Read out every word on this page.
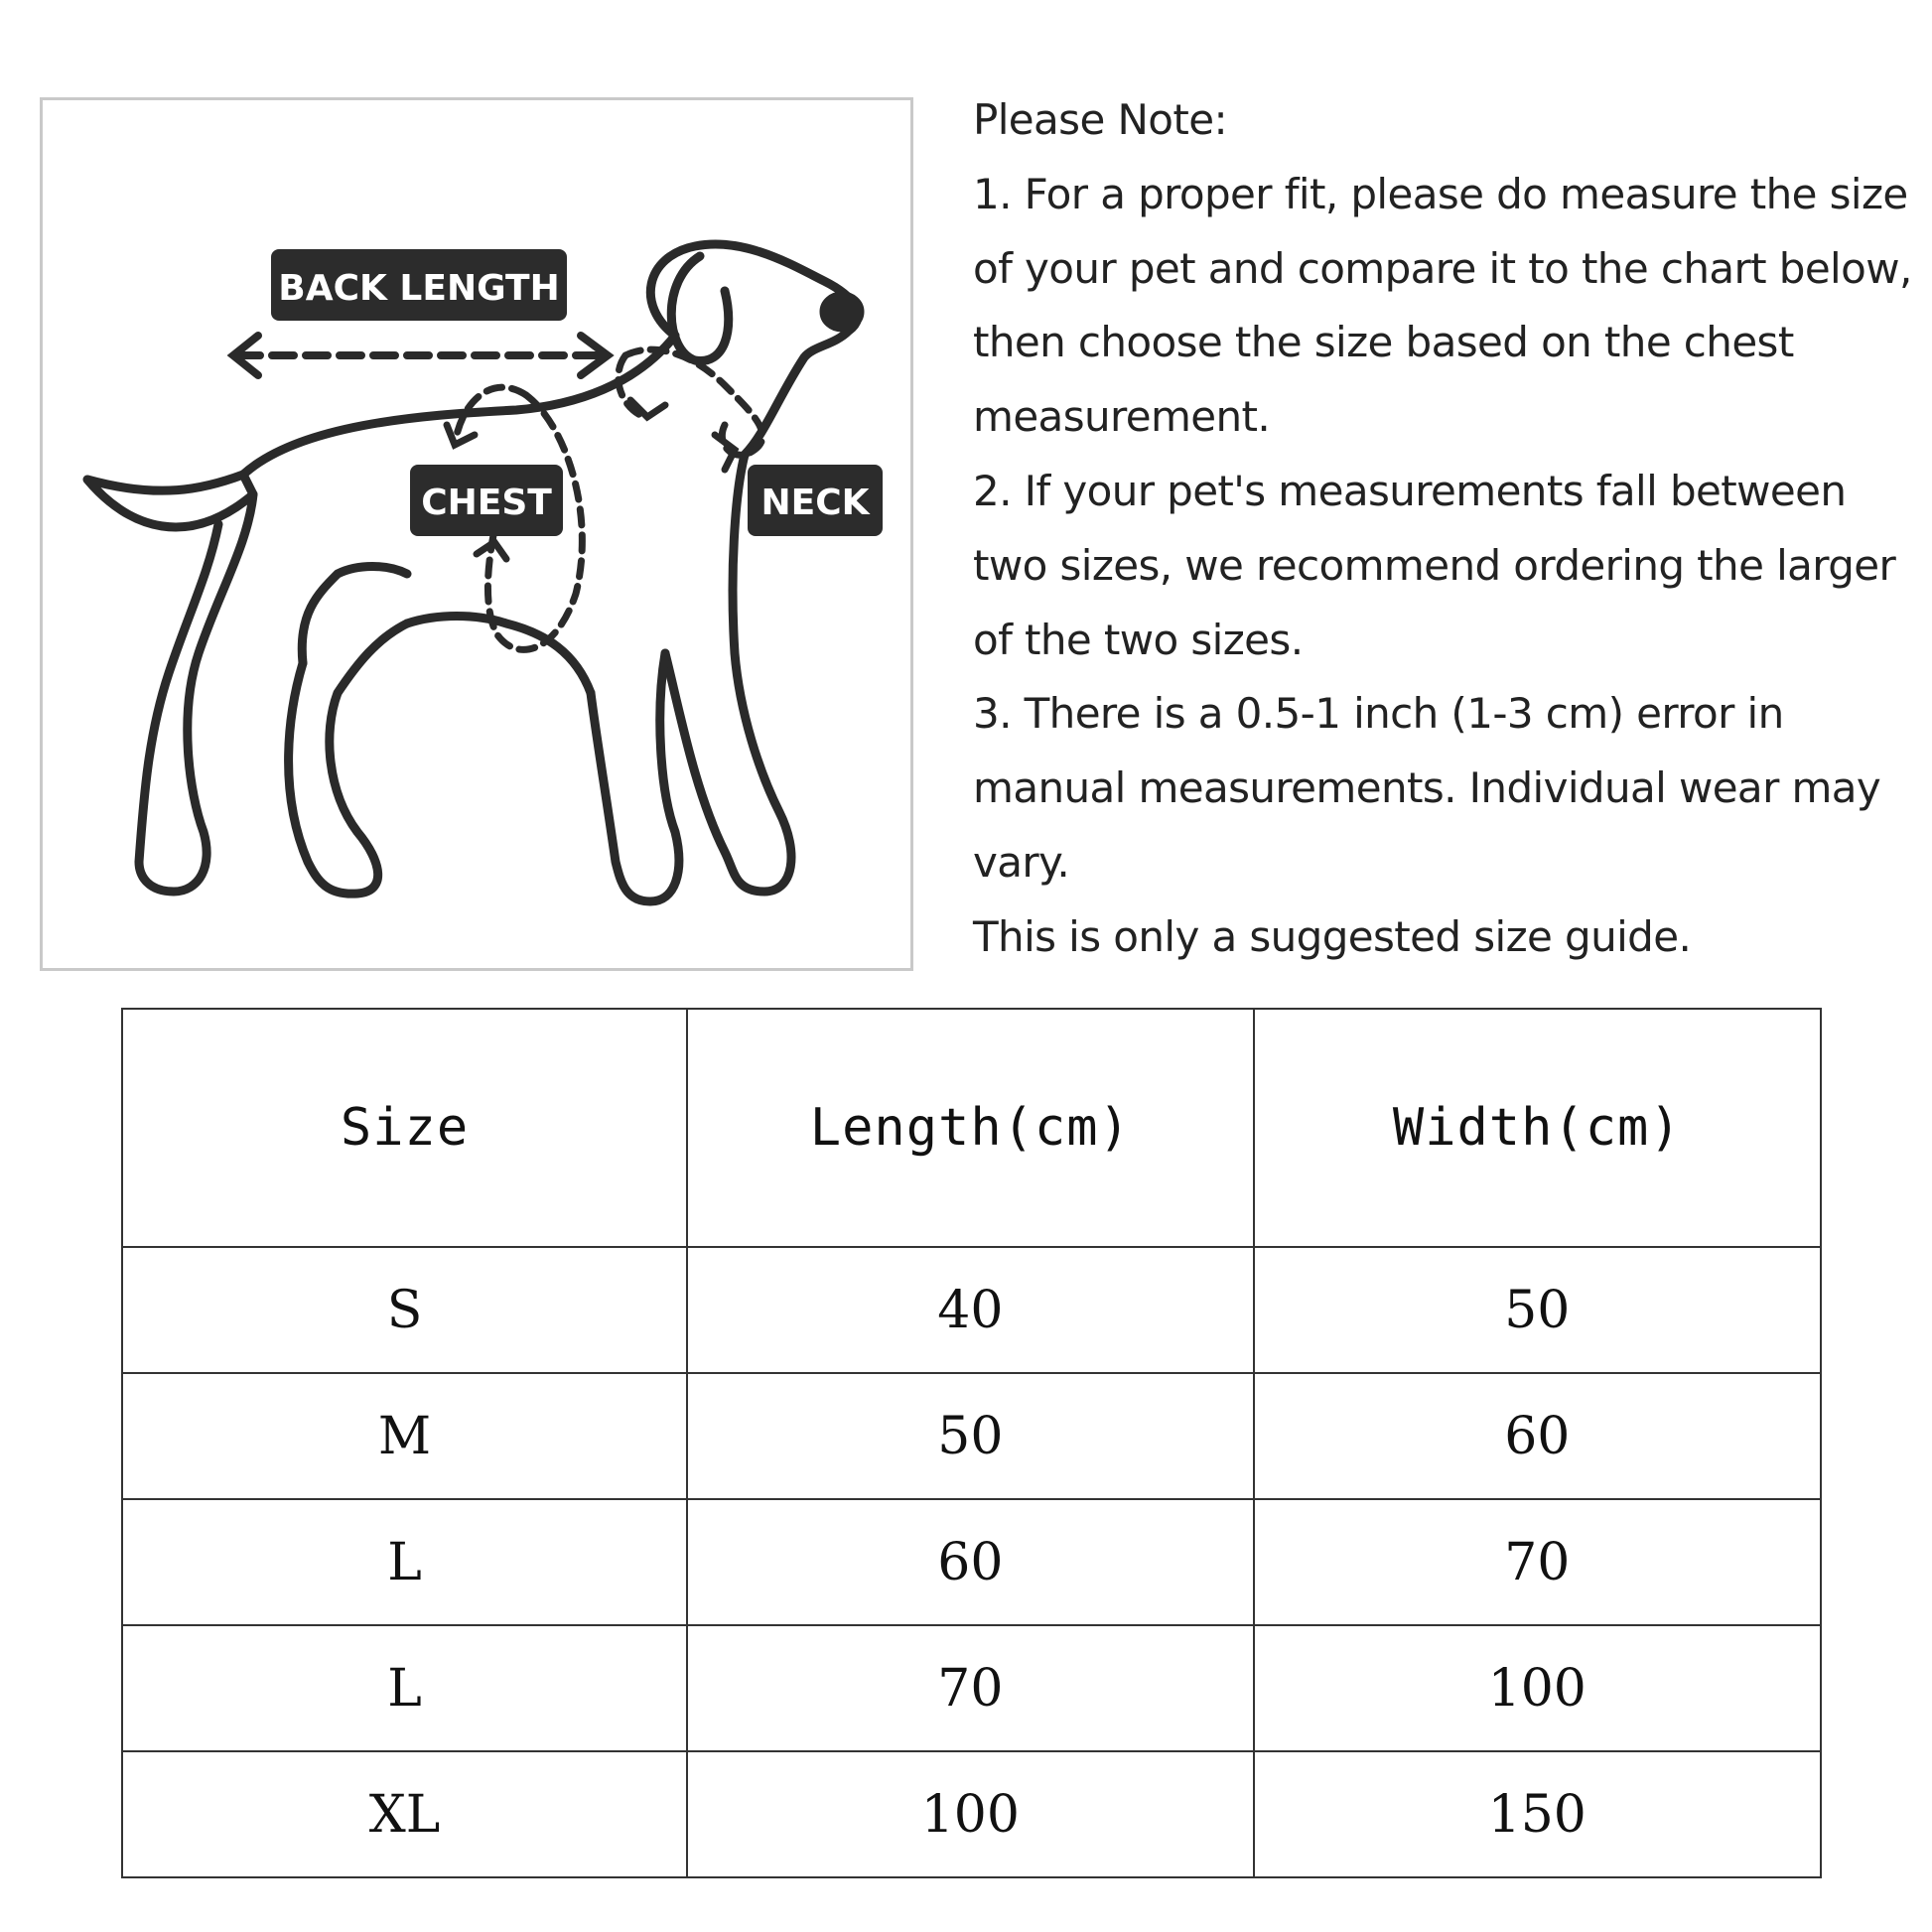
BACK LENGTH
CHEST	NECK

Please Note:

1. For a proper fit, please do measure the size of your pet and compare it to the chart below, then choose the size based on the chest measurement.

2. If your pet's measurements fall between two sizes, we recommend ordering the larger of the two sizes.

3. There is a 0.5-1 inch (1-3 cm) error in manual measurements. Individual wear may vary.

This is only a suggested size guide.

Size	Length(cm)	Width(cm)
S	40	50
M	50	60
L	60	70
L	70	100
XL	100	150
